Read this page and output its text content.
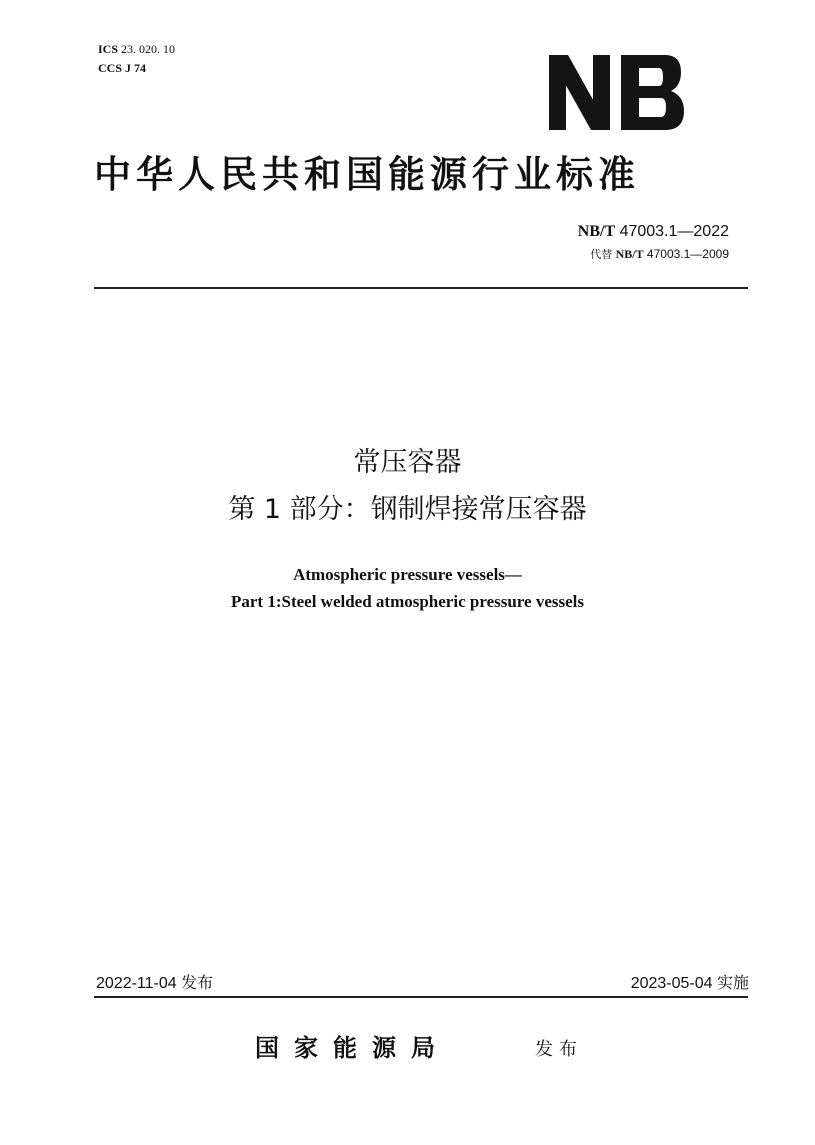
ICS 23. 020. 10
CCS J 74
中华人民共和国能源行业标准
NB/T 47003.1—2022
代替 NB/T 47003.1—2009
常压容器
第 1 部分：钢制焊接常压容器
Atmospheric pressure vessels—
Part 1:Steel welded atmospheric pressure vessels
2022-11-04 发布	2023-05-04 实施
国家能源局	发布
